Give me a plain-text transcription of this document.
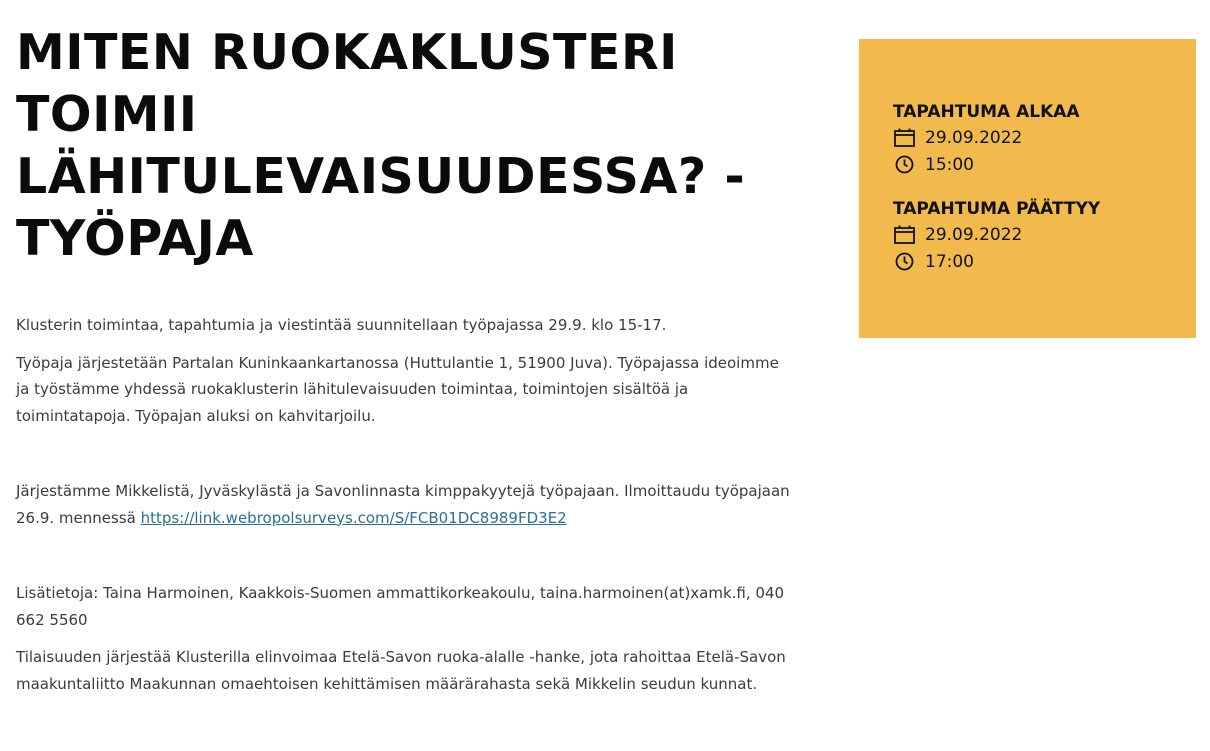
MITEN RUOKAKLUSTERI
TOIMII
LÄHITULEVAISUUDESSA? -
TYÖPAJA

Klusterin toimintaa, tapahtumia ja viestintää suunnitellaan työpajassa 29.9. klo 15-17.

Työpaja järjestetään Partalan Kuninkaankartanossa (Huttulantie 1, 51900 Juva). Työpajassa ideoimme ja työstämme yhdessä ruokaklusterin lähitulevaisuuden toimintaa, toimintojen sisältöä ja toimintatapoja. Työpajan aluksi on kahvitarjoilu.

Järjestämme Mikkelistä, Jyväskylästä ja Savonlinnasta kimppakyytejä työpajaan. Ilmoittaudu työpajaan 26.9. mennessä https://link.webropolsurveys.com/S/FCB01DC8989FD3E2

Lisätietoja: Taina Harmoinen, Kaakkois-Suomen ammattikorkeakoulu, taina.harmoinen(at)xamk.fi, 040 662 5560

Tilaisuuden järjestää Klusterilla elinvoimaa Etelä-Savon ruoka-alalle -hanke, jota rahoittaa Etelä-Savon maakuntaliitto Maakunnan omaehtoisen kehittämisen määrärahasta sekä Mikkelin seudun kunnat.

TAPAHTUMA ALKAA
29.09.2022
15:00
TAPAHTUMA PÄÄTTYY
29.09.2022
17:00
